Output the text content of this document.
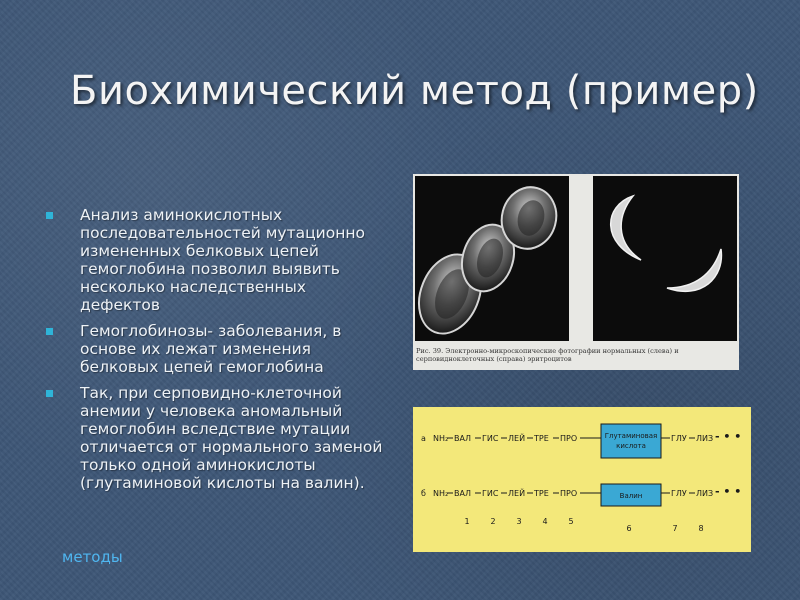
Биохимический метод (пример)
Анализ аминокислотных последовательностей мутационно измененных белковых цепей гемоглобина позволил выявить несколько наследственных дефектов
Гемоглобинозы- заболевания, в основе их лежат изменения белковых цепей гемоглобина
Так, при серповидно-клеточной анемии у человека аномальный гемоглобин вследствие мутации отличается от нормального заменой только одной аминокислоты (глутаминовой кислоты на валин).
Рис. 39. Электронно-микроскопические фотографии нормальных (слева) и серповидноклеточных (справа) эритроцитов
а NH₂ ВАЛ ГИС ЛЕЙ ТРЕ ПРО	Глутаминовая
кислота
ГЛУ ЛИЗ - • •
б NH₂ ВАЛ ГИС ЛЕЙ ТРЕ ПРО	Валин	ГЛУ ЛИЗ - • •
1	2	3	4	5
6	7	8
методы
